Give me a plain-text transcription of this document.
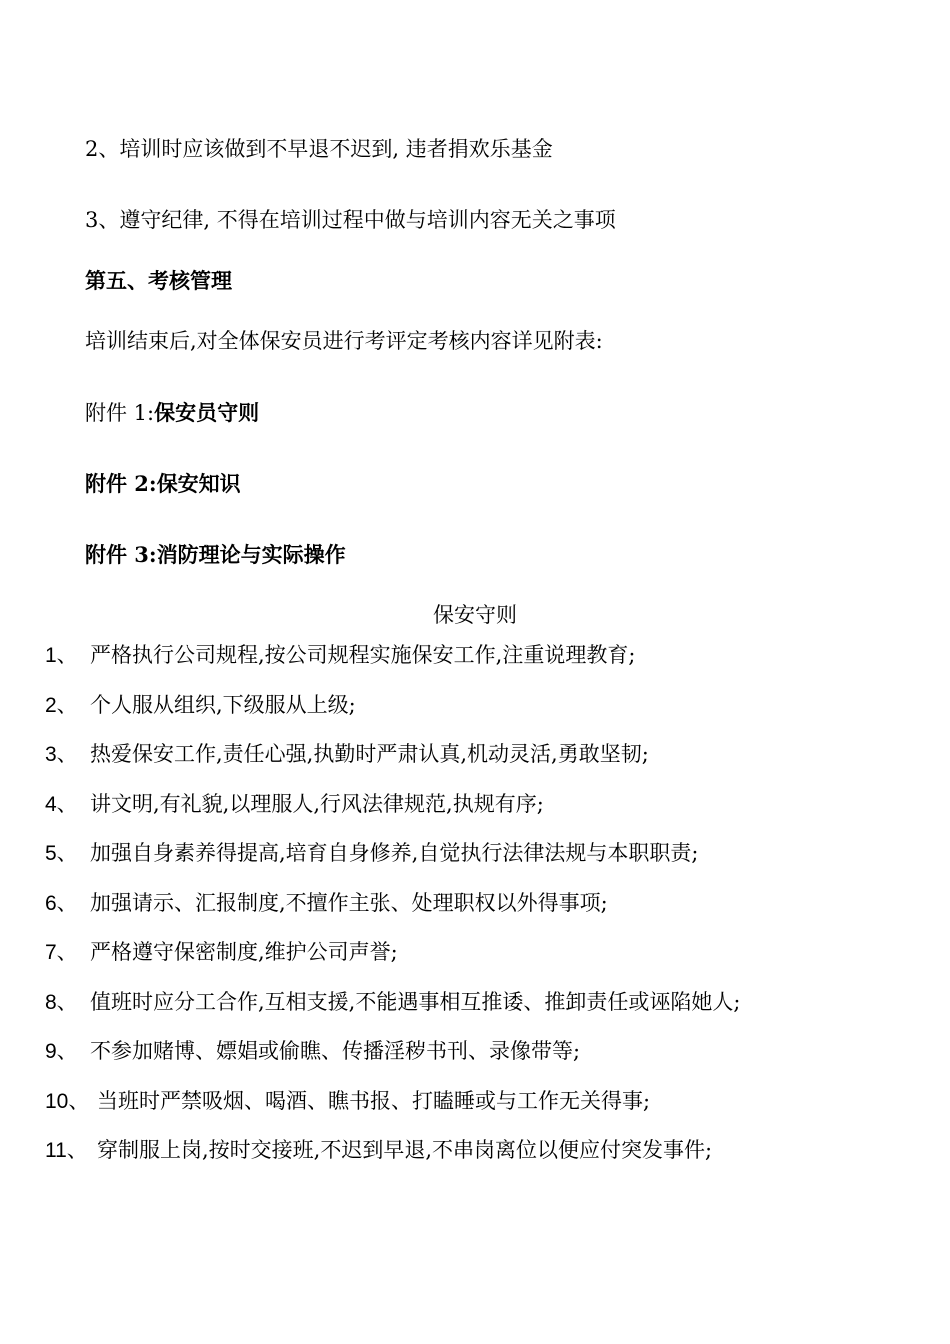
2、培训时应该做到不早退不迟到, 违者捐欢乐基金
3、遵守纪律, 不得在培训过程中做与培训内容无关之事项
第五、考核管理
培训结束后,对全体保安员进行考评定考核内容详见附表:
附件 1:保安员守则
附件 2:保安知识
附件 3:消防理论与实际操作
保安守则
1、 严格执行公司规程,按公司规程实施保安工作,注重说理教育;
2、 个人服从组织,下级服从上级;
3、 热爱保安工作,责任心强,执勤时严肃认真,机动灵活,勇敢坚韧;
4、 讲文明,有礼貌,以理服人,行风法律规范,执规有序;
5、 加强自身素养得提高,培育自身修养,自觉执行法律法规与本职职责;
6、 加强请示、汇报制度,不擅作主张、处理职权以外得事项;
7、 严格遵守保密制度,维护公司声誉;
8、 值班时应分工合作,互相支援,不能遇事相互推诿、推卸责任或诬陷她人;
9、 不参加赌博、嫖娼或偷瞧、传播淫秽书刊、录像带等;
10、 当班时严禁吸烟、喝酒、瞧书报、打瞌睡或与工作无关得事;
11、 穿制服上岗,按时交接班,不迟到早退,不串岗离位以便应付突发事件;
